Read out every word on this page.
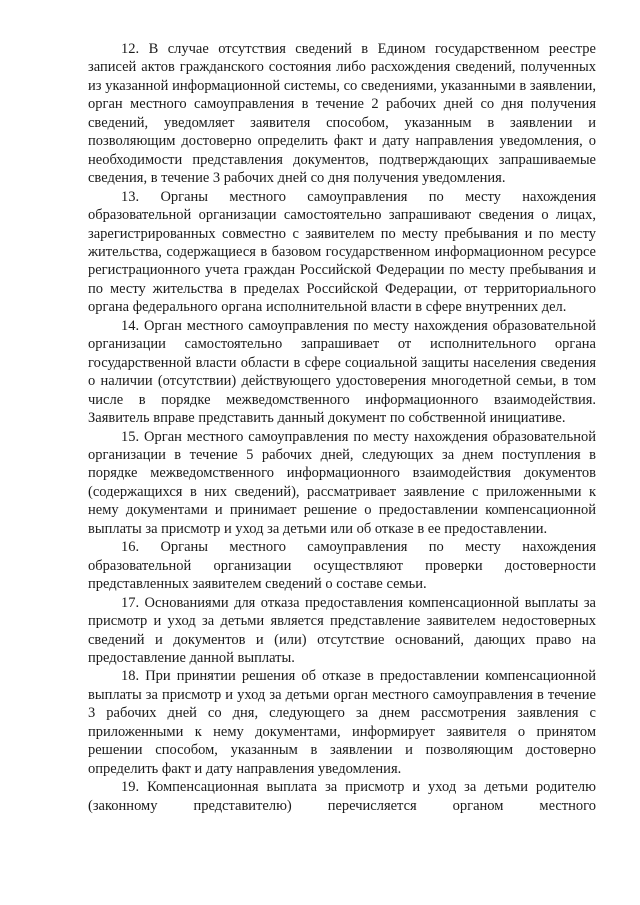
12. В случае отсутствия сведений в Едином государственном реестре записей актов гражданского состояния либо расхождения сведений, полученных из указанной информационной системы, со сведениями, указанными в заявлении, орган местного самоуправления в течение 2 рабочих дней со дня получения сведений, уведомляет заявителя способом, указанным в заявлении и позволяющим достоверно определить факт и дату направления уведомления, о необходимости представления документов, подтверждающих запрашиваемые сведения, в течение 3 рабочих дней со дня получения уведомления.

13. Органы местного самоуправления по месту нахождения образовательной организации самостоятельно запрашивают сведения о лицах, зарегистрированных совместно с заявителем по месту пребывания и по месту жительства, содержащиеся в базовом государственном информационном ресурсе регистрационного учета граждан Российской Федерации по месту пребывания и по месту жительства в пределах Российской Федерации, от территориального органа федерального органа исполнительной власти в сфере внутренних дел.

14. Орган местного самоуправления по месту нахождения образовательной организации самостоятельно запрашивает от исполнительного органа государственной власти области в сфере социальной защиты населения сведения о наличии (отсутствии) действующего удостоверения многодетной семьи, в том числе в порядке межведомственного информационного взаимодействия. Заявитель вправе представить данный документ по собственной инициативе.

15. Орган местного самоуправления по месту нахождения образовательной организации в течение 5 рабочих дней, следующих за днем поступления в порядке межведомственного информационного взаимодействия документов (содержащихся в них сведений), рассматривает заявление с приложенными к нему документами и принимает решение о предоставлении компенсационной выплаты за присмотр и уход за детьми или об отказе в ее предоставлении.

16. Органы местного самоуправления по месту нахождения образовательной организации осуществляют проверки достоверности представленных заявителем сведений о составе семьи.

17. Основаниями для отказа предоставления компенсационной выплаты за присмотр и уход за детьми является представление заявителем недостоверных сведений и документов и (или) отсутствие оснований, дающих право на предоставление данной выплаты.

18. При принятии решения об отказе в предоставлении компенсационной выплаты за присмотр и уход за детьми орган местного самоуправления в течение 3 рабочих дней со дня, следующего за днем рассмотрения заявления с приложенными к нему документами, информирует заявителя о принятом решении способом, указанным в заявлении и позволяющим достоверно определить факт и дату направления уведомления.

19. Компенсационная выплата за присмотр и уход за детьми родителю (законному представителю) перечисляется органом местного
